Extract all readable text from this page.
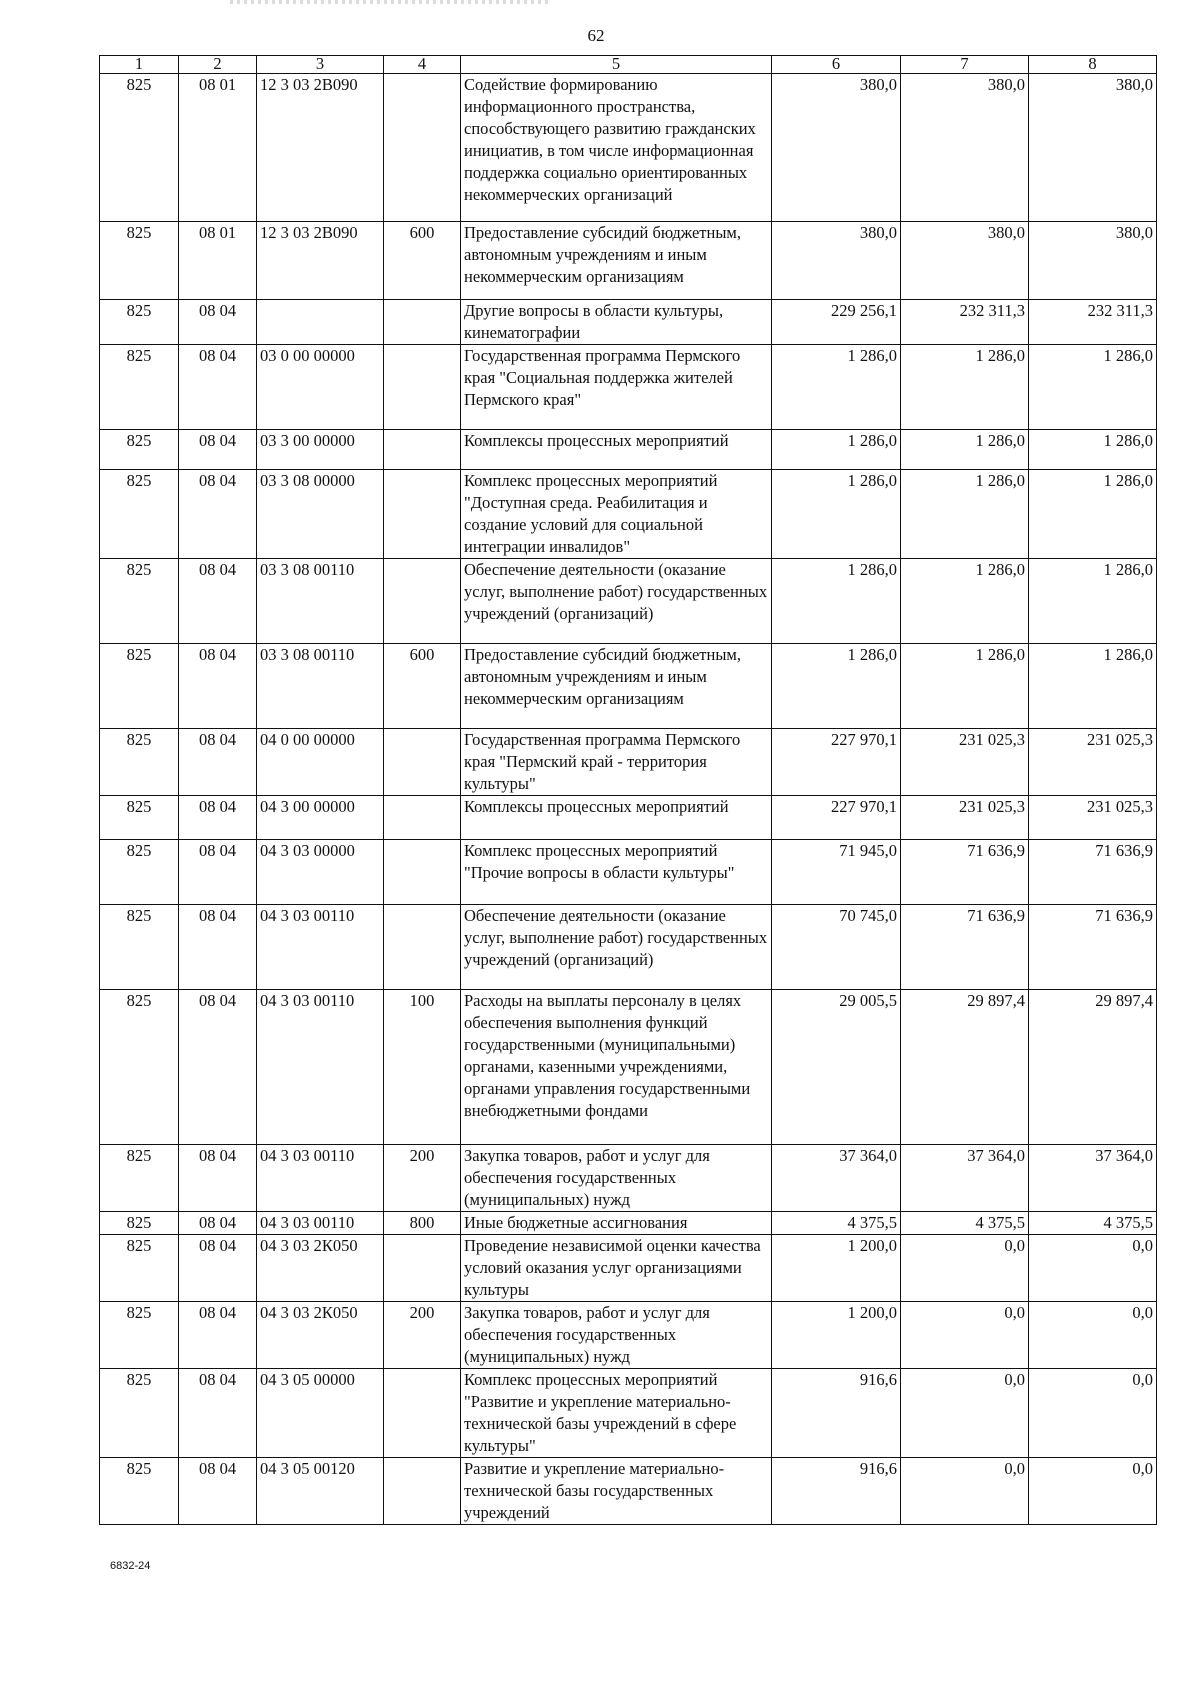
62
1	2	3	4	5	6	7	8
825	08 01	12 3 03 2В090		Содействие формированию информационного пространства, способствующего развитию гражданских инициатив, в том числе информационная поддержка социально ориентированных некоммерческих организаций	380,0	380,0	380,0
825	08 01	12 3 03 2В090	600	Предоставление субсидий бюджетным, автономным учреждениям и иным некоммерческим организациям	380,0	380,0	380,0
825	08 04			Другие вопросы в области культуры, кинематографии	229 256,1	232 311,3	232 311,3
825	08 04	03 0 00 00000		Государственная программа Пермского края "Социальная поддержка жителей Пермского края"	1 286,0	1 286,0	1 286,0
825	08 04	03 3 00 00000		Комплексы процессных мероприятий	1 286,0	1 286,0	1 286,0
825	08 04	03 3 08 00000		Комплекс процессных мероприятий "Доступная среда. Реабилитация и создание условий для социальной интеграции инвалидов"	1 286,0	1 286,0	1 286,0
825	08 04	03 3 08 00110		Обеспечение деятельности (оказание услуг, выполнение работ) государственных учреждений (организаций)	1 286,0	1 286,0	1 286,0
825	08 04	03 3 08 00110	600	Предоставление субсидий бюджетным, автономным учреждениям и иным некоммерческим организациям	1 286,0	1 286,0	1 286,0
825	08 04	04 0 00 00000		Государственная программа Пермского края "Пермский край - территория культуры"	227 970,1	231 025,3	231 025,3
825	08 04	04 3 00 00000		Комплексы процессных мероприятий	227 970,1	231 025,3	231 025,3
825	08 04	04 3 03 00000		Комплекс процессных мероприятий "Прочие вопросы в области культуры"	71 945,0	71 636,9	71 636,9
825	08 04	04 3 03 00110		Обеспечение деятельности (оказание услуг, выполнение работ) государственных учреждений (организаций)	70 745,0	71 636,9	71 636,9
825	08 04	04 3 03 00110	100	Расходы на выплаты персоналу в целях обеспечения выполнения функций государственными (муниципальными) органами, казенными учреждениями, органами управления государственными внебюджетными фондами	29 005,5	29 897,4	29 897,4
825	08 04	04 3 03 00110	200	Закупка товаров, работ и услуг для обеспечения государственных (муниципальных) нужд	37 364,0	37 364,0	37 364,0
825	08 04	04 3 03 00110	800	Иные бюджетные ассигнования	4 375,5	4 375,5	4 375,5
825	08 04	04 3 03 2К050		Проведение независимой оценки качества условий оказания услуг организациями культуры	1 200,0	0,0	0,0
825	08 04	04 3 03 2К050	200	Закупка товаров, работ и услуг для обеспечения государственных (муниципальных) нужд	1 200,0	0,0	0,0
825	08 04	04 3 05 00000		Комплекс процессных мероприятий "Развитие и укрепление материально-технической базы учреждений в сфере культуры"	916,6	0,0	0,0
825	08 04	04 3 05 00120		Развитие и укрепление материально-технической базы государственных учреждений	916,6	0,0	0,0
6832-24
